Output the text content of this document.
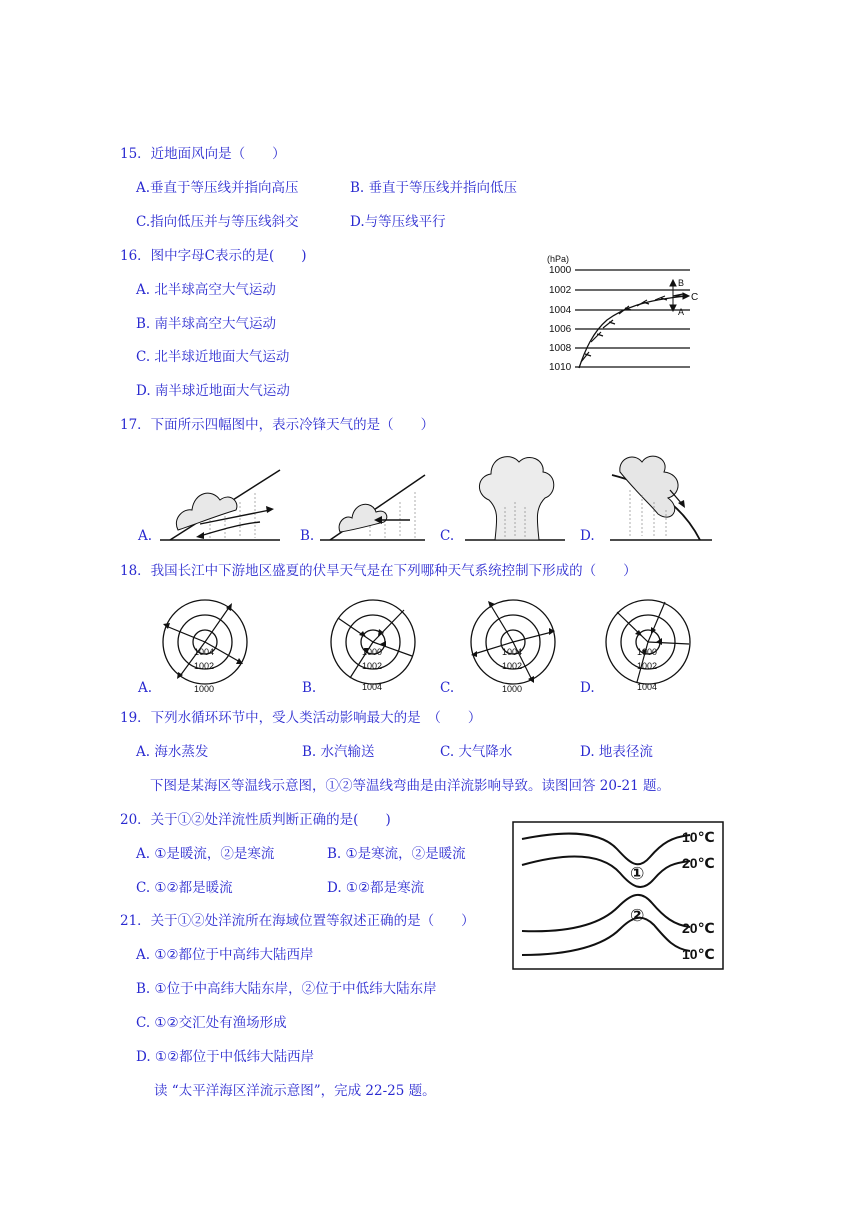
15．近地面风向是（　　）
A.垂直于等压线并指向高压	B. 垂直于等压线并指向低压
C.指向低压并与等压线斜交	D.与等压线平行
16．图中字母C表示的是(　　)
A. 北半球高空大气运动
B. 南半球高空大气运动
C. 北半球近地面大气运动
D. 南半球近地面大气运动
(hPa)
1000
1002
1004
1006
1008
1010
B
C
A
17．下面所示四幅图中，表示冷锋天气的是（　　）
A.	B.	C.	D.
18．我国长江中下游地区盛夏的伏旱天气是在下列哪种天气系统控制下形成的（　　）
1004
1002
1000
A.
1000
1002
1004
B.
1004
1002
1000
C.
1000
1002
1004
D.
19．下列水循环环节中，受人类活动影响最大的是　（　　）
A. 海水蒸发	B. 水汽输送	C. 大气降水	D. 地表径流
下图是某海区等温线示意图，①②等温线弯曲是由洋流影响导致。读图回答 20-21 题。
20．关于①②处洋流性质判断正确的是(　　)
A. ①是暖流，②是寒流	B. ①是寒流，②是暖流
C. ①②都是暖流	D. ①②都是寒流
10℃
20℃
①
②
20℃
10℃
21．关于①②处洋流所在海域位置等叙述正确的是（　　）
A. ①②都位于中高纬大陆西岸
B. ①位于中高纬大陆东岸，②位于中低纬大陆东岸
C. ①②交汇处有渔场形成
D. ①②都位于中低纬大陆西岸
读 “太平洋海区洋流示意图”，完成 22-25 题。
